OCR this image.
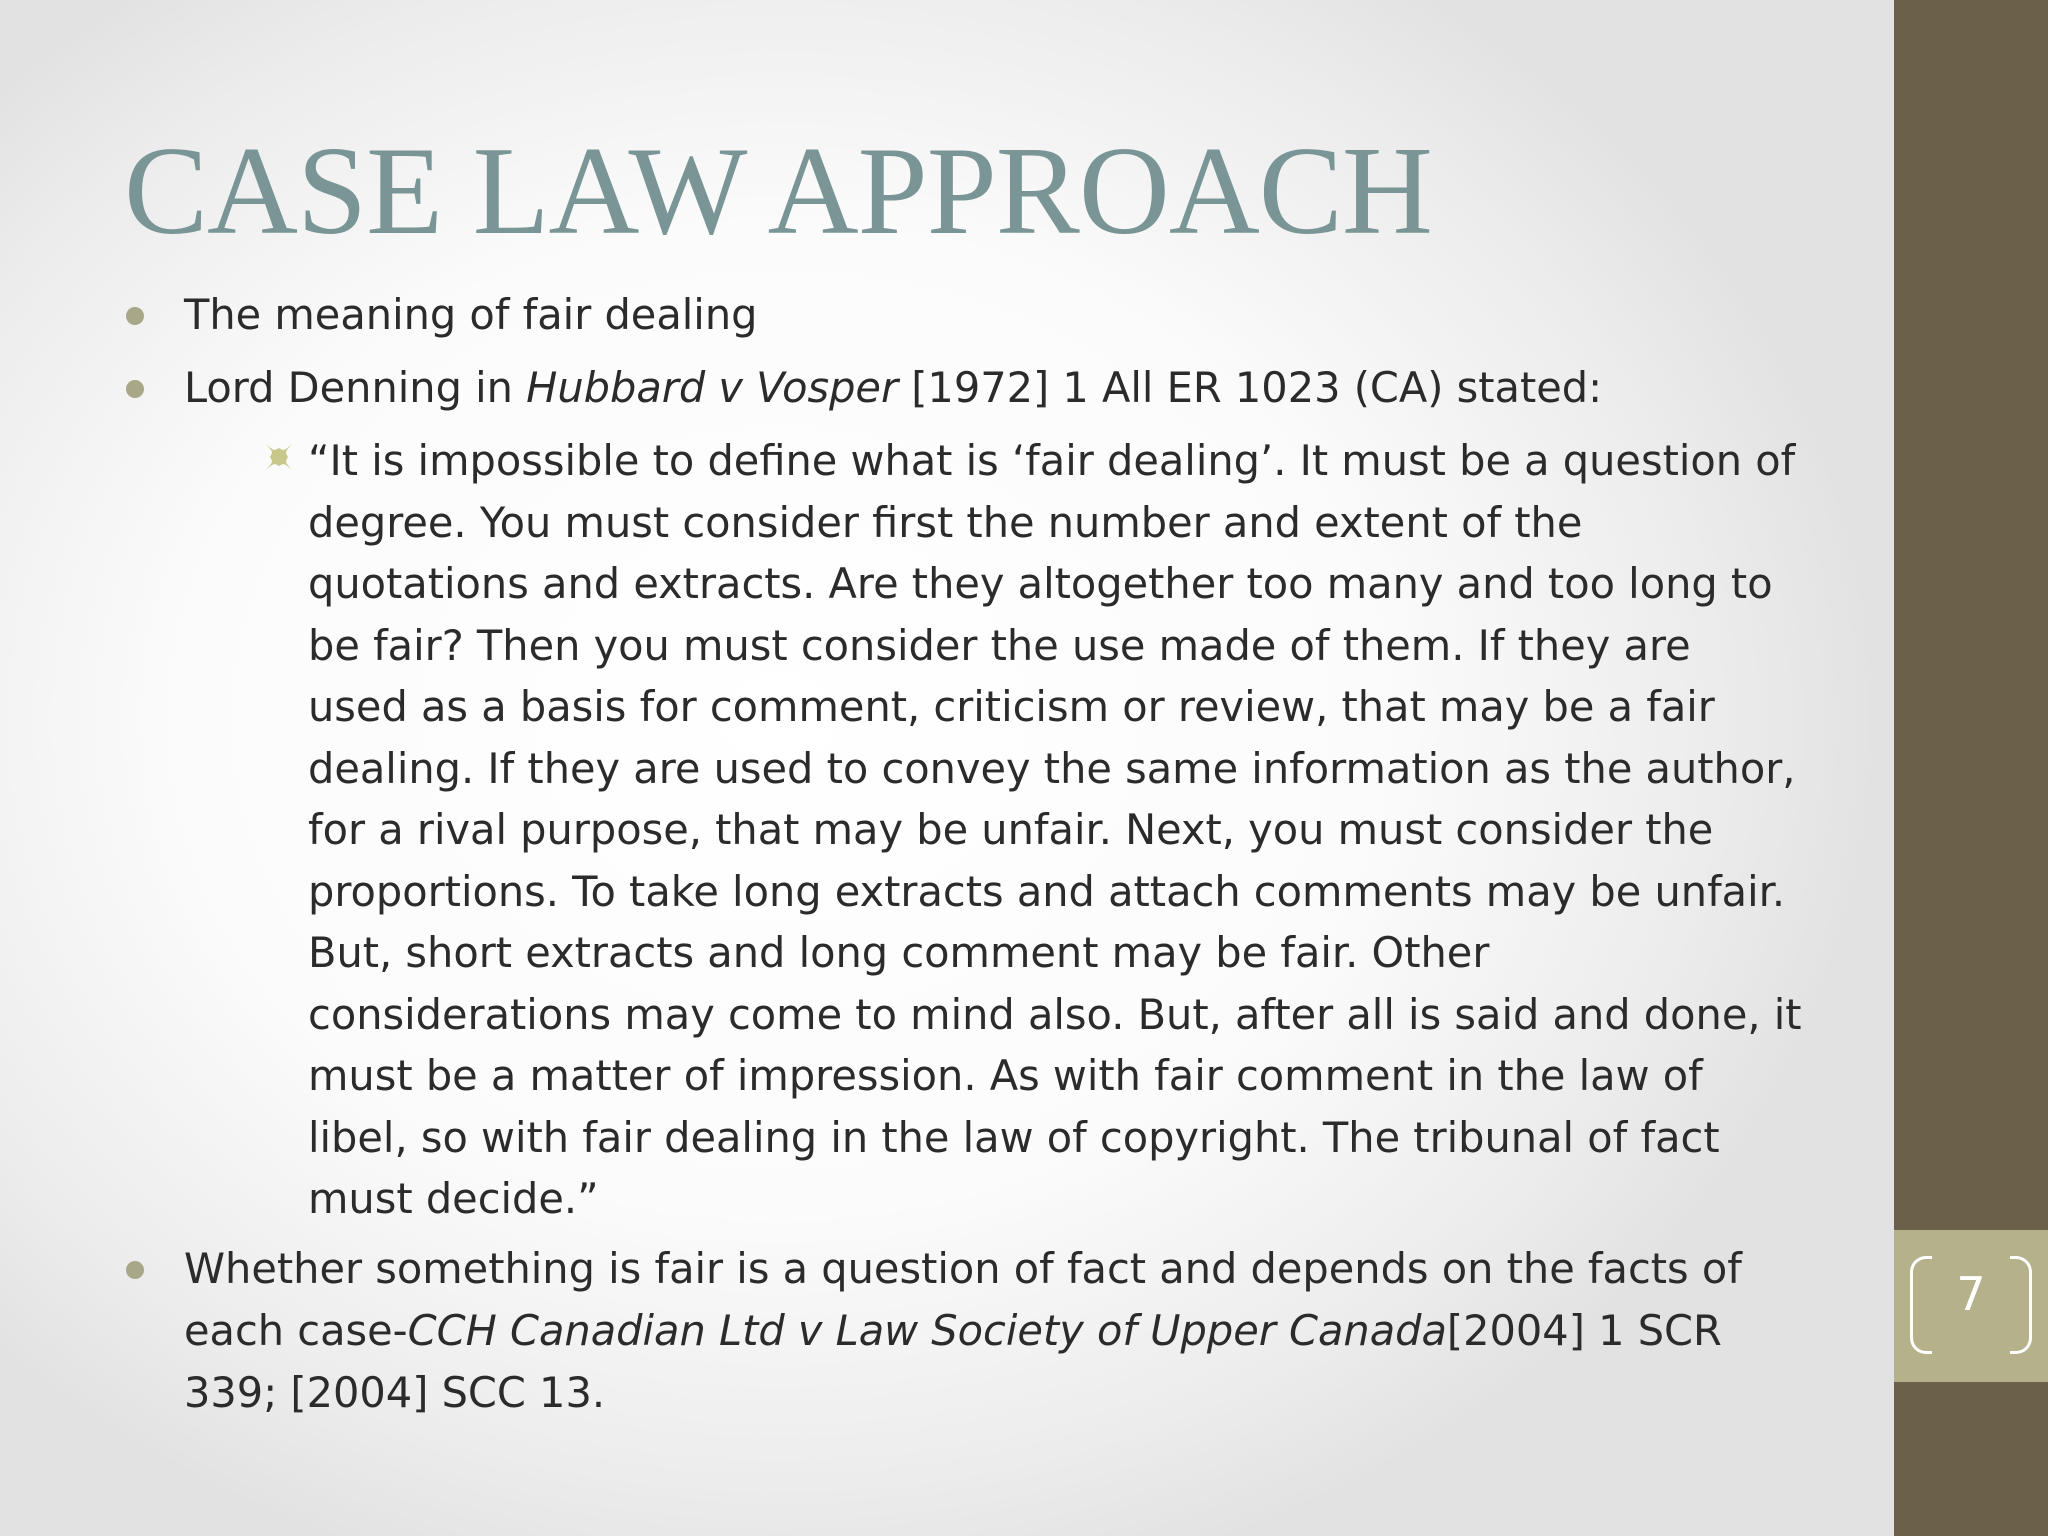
CASE LAW APPROACH
The meaning of fair dealing
Lord Denning in Hubbard v Vosper [1972] 1 All ER 1023 (CA) stated:
“It is impossible to define what is ‘fair dealing’. It must be a question of
degree. You must consider first the number and extent of the
quotations and extracts. Are they altogether too many and too long to
be fair? Then you must consider the use made of them. If they are
used as a basis for comment, criticism or review, that may be a fair
dealing. If they are used to convey the same information as the author,
for a rival purpose, that may be unfair. Next, you must consider the
proportions. To take long extracts and attach comments may be unfair.
But, short extracts and long comment may be fair. Other
considerations may come to mind also. But, after all is said and done, it
must be a matter of impression. As with fair comment in the law of
libel, so with fair dealing in the law of copyright. The tribunal of fact
must decide.”
Whether something is fair is a question of fact and depends on the facts of
each case-CCH Canadian Ltd v Law Society of Upper Canada[2004] 1 SCR
339; [2004] SCC 13.
7
